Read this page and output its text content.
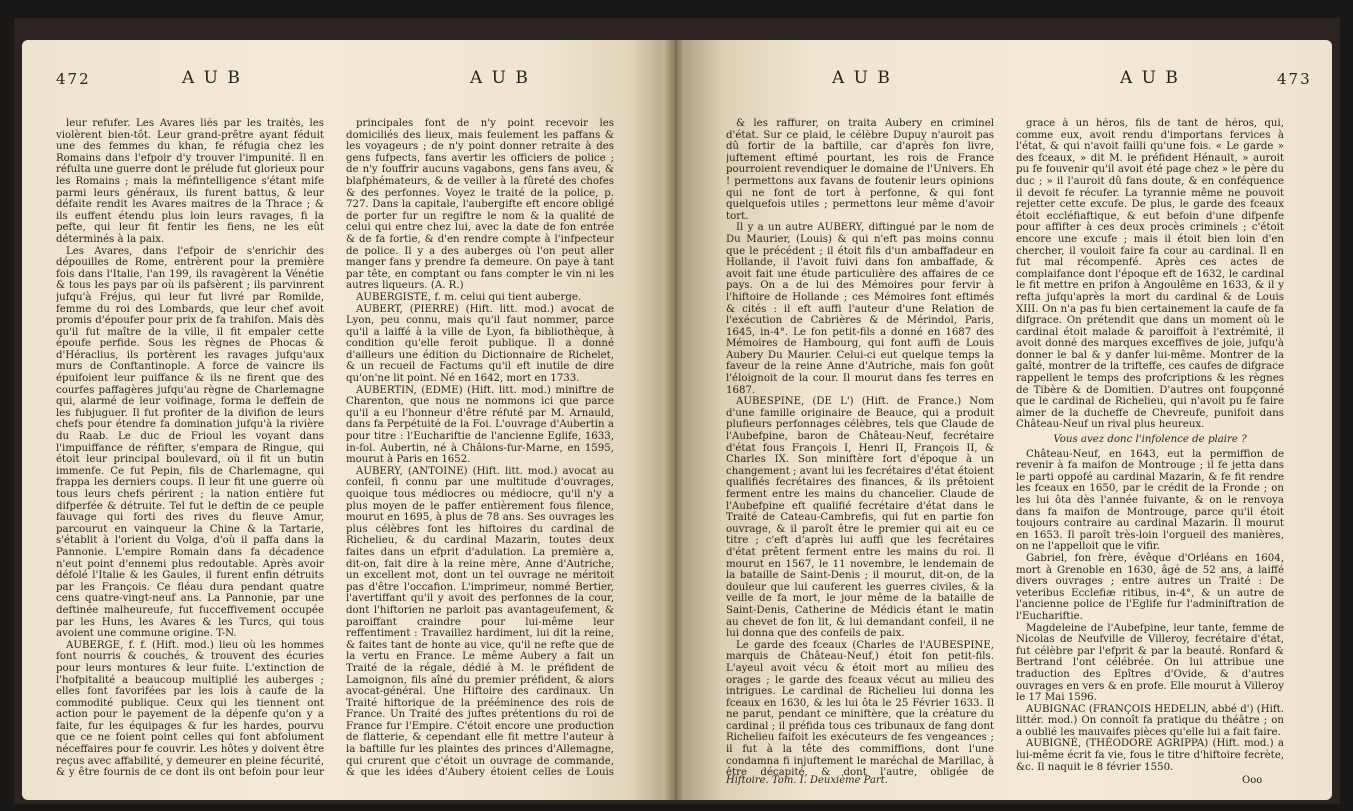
472	A U B	A U B

leur refufer. Les Avares liés par les traités, les violèrent bien-tôt. Leur grand-prêtre ayant féduit une des femmes du khan, fe réfugia chez les Romains dans l'efpoir d'y trouver l'impunité. Il en réfulta une guerre dont le prélude fut glorieux pour les Romains ; mais la méfintelligence s'étant mife parmi leurs généraux, ils furent battus, & leur défaite rendit les Avares maitres de la Thrace ; & ils euffent étendu plus loin leurs ravages, fi la pefte, qui leur fit fentir les fiens, ne les eût déterminés à la paix.

Les Avares, dans l'efpoir de s'enrichir des dépouilles de Rome, entrèrent pour la première fois dans l'Italie, l'an 199, ils ravagèrent la Vénétie & tous les pays par où ils pafsèrent ; ils parvinrent jufqu'à Fréjus, qui leur fut livré par Romilde, femme du roi des Lombards, que leur chef avoit promis d'époufer pour prix de fa trahifon. Mais dès qu'il fut maître de la ville, il fit empaler cette époufe perfide. Sous les règnes de Phocas & d'Héraclius, ils portèrent les ravages jufqu'aux murs de Conftantinople. A force de vaincre ils épuifoient leur puiffance & ils ne firent que des courfes paffagères jufqu'au règne de Charlemagne qui, alarmé de leur voifinage, forma le deffein de les fubjuguer. Il fut profiter de la divifion de leurs chefs pour étendre fa domination jufqu'à la rivière du Raab. Le duc de Frioul les voyant dans l'impuiffance de réfifter, s'empara de Ringue, qui étoit leur principal boulevard, où il fit un butin immenfe. Ce fut Pepin, fils de Charlemagne, qui frappa les derniers coups. Il leur fit une guerre où tous leurs chefs périrent ; la nation entière fut difperfée & détruite. Tel fut le deftin de ce peuple fauvage qui forti des rives du fleuve Amur, parcourut en vainqueur la Chine & la Tartarie, s'établit à l'orient du Volga, d'où il paffa dans la Pannonie. L'empire Romain dans fa décadence n'eut point d'ennemi plus redoutable. Après avoir défolé l'Italie & les Gaules, il furent enfin détruits par les François. Ce fléau dura pendant quatre cens quatre-vingt-neuf ans. La Pannonie, par une deftinée malheureufe, fut fucceffivement occupée par les Huns, les Avares & les Turcs, qui tous avoient une commune origine. T-N.

AUBERGE, f. f. (Hift. mod.) lieu où les hommes font nourris & couchés, & trouvent des écuries pour leurs montures & leur fuite. L'extinction de l'hofpitalité a beaucoup multiplié les auberges ; elles font favorifées par les lois à caufe de la commodité publique. Ceux qui les tiennent ont action pour le payement de la dépenfe qu'on y a faite, fur les équipages & fur les hardes, pourvu que ce ne foient point celles qui font abfolument néceffaires pour fe couvrir. Les hôtes y doivent être reçus avec affabilité, y demeurer en pleine fécurité, & y être fournis de ce dont ils ont befoin pour leur

principales font de n'y point recevoir les domiciliés des lieux, mais feulement les paffans & les voyageurs ; de n'y point donner retraite à des gens fufpects, fans avertir les officiers de police ; de n'y fouffrir aucuns vagabons, gens fans aveu, & blafphémateurs, & de veiller à la fûreté des chofes & des perfonnes. Voyez le traité de la police, p. 727. Dans la capitale, l'aubergifte eft encore obligé de porter fur un regiftre le nom & la qualité de celui qui entre chez lui, avec la date de fon entrée & de fa fortie, & d'en rendre compte à l'infpecteur de police. Il y a des auberges où l'on peut aller manger fans y prendre fa demeure. On paye à tant par tête, en comptant ou fans compter le vin ni les autres liqueurs. (A. R.)

AUBERGISTE, f. m. celui qui tient auberge.

AUBERT, (PIERRE) (Hift. litt. mod.) avocat de Lyon, peu connu, mais qu'il faut nommer, parce qu'il a laiffé à la ville de Lyon, fa bibliothèque, à condition qu'elle feroit publique. Il a donné d'ailleurs une édition du Dictionnaire de Richelet, & un recueil de Factums qu'il eft inutile de dire qu'on'ne lit point. Né en 1642, mort en 1733.

AUBERTIN, (EDME) (Hift. litt. mod.) miniftre de Charenton, que nous ne nommons ici que parce qu'il a eu l'honneur d'être réfuté par M. Arnauld, dans fa Perpétuité de la Foi. L'ouvrage d'Aubertin a pour titre : l'Euchariftie de l'ancienne Eglife, 1633, in-fol. Aubertin, né à Châlons-fur-Marne, en 1595, mourut à Paris en 1652.

AUBERY, (ANTOINE) (Hift. litt. mod.) avocat au confeil, fi connu par une multitude d'ouvrages, quoique tous médiocres ou médiocre, qu'il n'y a plus moyen de le paffer entièrement fous filence, mourut en 1695, à plus de 78 ans. Ses ouvrages les plus célèbres font les hiftoires du cardinal de Richelieu, & du cardinal Mazarin, toutes deux faites dans un efprit d'adulation. La première a, dit-on, fait dire à la reine mère, Anne d'Autriche, un excellent mot, dont un tel ouvrage ne méritoit pas d'être l'occafion. L'imprimeur, nommé Bertier, l'avertiffant qu'il y avoit des perfonnes de la cour, dont l'hiftorien ne parloit pas avantageufement, & paroiffant craindre pour lui-même leur reffentiment : Travaillez hardiment, lui dit la reine, & faites tant de honte au vice, qu'il ne refte que de la vertu en France. Le même Aubery a fait un Traité de la régale, dédié à M. le préfident de Lamoignon, fils aîné du premier préfident, & alors avocat-général. Une Hiftoire des cardinaux. Un Traité hiftorique de la prééminence des rois de France. Un Traité des juftes prétentions du roi de France fur l'Empire. C'étoit encore une production de flatterie, & cependant elle fit mettre l'auteur à la baftille fur les plaintes des princes d'Allemagne, qui crurent que c'étoit un ouvrage de commande, & que les idées d'Aubery étoient celles de Louis

A U B	A U B	473

& les raffurer, on traita Aubery en criminel d'état. Sur ce plaid, le célèbre Dupuy n'auroit pas dû fortir de la baftille, car d'après fon livre, juftement eftimé pourtant, les rois de France pourroient revendiquer le domaine de l'Univers. Eh ! permettons aux favans de foutenir leurs opinions qui ne font de tort à perfonne, & qui font quelquefois utiles ; permettons leur même d'avoir tort.

Il y a un autre AUBERY, diftingué par le nom de Du Maurier, (Louis) & qui n'eft pas moins connu que le précédent ; il étoit fils d'un ambaffadeur en Hollande, il l'avoit fuivi dans fon ambaffade, & avoit fait une étude particulière des affaires de ce pays. On a de lui des Mémoires pour fervir à l'hiftoire de Hollande ; ces Mémoires font eftimés & cités : il eft auffi l'auteur d'une Relation de l'exécution de Cabrières & de Mérindol, Paris, 1645, in-4°. Le fon petit-fils a donné en 1687 des Mémoires de Hambourg, qui font auffi de Louis Aubery Du Maurier. Celui-ci eut quelque temps la faveur de la reine Anne d'Autriche, mais fon goût l'éloignoit de la cour. Il mourut dans fes terres en 1687.

AUBESPINE, (DE L') (Hift. de France.) Nom d'une famille originaire de Beauce, qui a produit plufieurs perfonnages célèbres, tels que Claude de l'Aubefpine, baron de Château-Neuf, fecrétaire d'état fous François I, Henri II, François II, & Charles IX. Son miniftère fort d'époque à un changement ; avant lui les fecrétaires d'état étoient qualifiés fecrétaires des finances, & ils prêtoient ferment entre les mains du chancelier. Claude de l'Aubefpine eft qualifié fecrétaire d'état dans le Traité de Cateau-Cambrefis, qui fut en partie fon ouvrage, & il paroît être le premier qui ait eu ce titre ; c'eft d'après lui auffi que les fecrétaires d'état prêtent ferment entre les mains du roi. Il mourut en 1567, le 11 novembre, le lendemain de la bataille de Saint-Denis ; il mourut, dit-on, de la douleur que lui cauferent les guerres civiles, & la veille de fa mort, le jour même de la bataille de Saint-Denis, Catherine de Médicis étant le matin au chevet de fon lit, & lui demandant confeil, il ne lui donna que des confeils de paix.

Le garde des fceaux (Charles de l'AUBESPINE, marquis de Château-Neuf,) étoit fon petit-fils. L'ayeul avoit vécu & étoit mort au milieu des orages ; le garde des fceaux vécut au milieu des intrigues. Le cardinal de Richelieu lui donna les fceaux en 1630, & les lui ôta le 25 Février 1633. Il ne parut, pendant ce miniftère, que la créature du cardinal ; il préfida tous ces tribunaux de fang dont Richelieu faifoit les exécuteurs de fes vengeances ; il fut à la tête des commiffions, dont l'une condamna fi injuftement le maréchal de Marillac, à être décapité, & dont l'autre, obligée de

grace à un héros, fils de tant de héros, qui, comme eux, avoit rendu d'importans fervices à l'état, & qui n'avoit failli qu'une fois. « Le garde » des fceaux, » dit M. le préfident Hénault, » auroit pu fe fouvenir qu'il avoit été page chez » le père du duc ; » il l'auroit dû fans doute, & en conféquence il devoit fe récufer. La tyrannie même ne pouvoit rejetter cette excufe. De plus, le garde des fceaux étoit eccléfiaftique, & eut befoin d'une difpenfe pour affifter à ces deux procès criminels ; c'étoit encore une excufe ; mais il étoit bien loin d'en chercher, il vouloit faire fa cour au cardinal. Il en fut mal récompenfé. Après ces actes de complaifance dont l'époque eft de 1632, le cardinal le fit mettre en prifon à Angoulême en 1633, & il y refta jufqu'après la mort du cardinal & de Louis XIII. On n'a pas fu bien certainement la caufe de fa difgrace. On prétendit que dans un moment où le cardinal étoit malade & paroiffoit à l'extrémité, il avoit donné des marques exceffives de joie, jufqu'à donner le bal & y danfer lui-même. Montrer de la gaîté, montrer de la trifteffe, ces caufes de difgrace rappellent le temps des profcriptions & les règnes de Tibère & de Domitien. D'autres ont foupçonné que le cardinal de Richelieu, qui n'avoit pu fe faire aimer de la ducheffe de Chevreufe, punifoit dans Château-Neuf un rival plus heureux.

Vous avez donc l'infolence de plaire ?

Château-Neuf, en 1643, eut la permiffion de revenir à fa maifon de Montrouge ; il fe jetta dans le parti oppofé au cardinal Mazarin, & fe fit rendre les fceaux en 1650, par le crédit de la Fronde ; on les lui ôta dès l'année fuivante, & on le renvoya dans fa maifon de Montrouge, parce qu'il étoit toujours contraire au cardinal Mazarin. Il mourut en 1653. Il paroît très-loin l'orgueil des manières, on ne l'appelloit que le vifir.

Gabriel, fon frère, évêque d'Orléans en 1604, mort à Grenoble en 1630, âgé de 52 ans, a laiffé divers ouvrages ; entre autres un Traité : De veteribus Ecclefiæ ritibus, in-4°, & un autre de l'ancienne police de l'Eglife fur l'adminiftration de l'Euchariftie.

Magdeleine de l'Aubefpine, leur tante, femme de Nicolas de Neufville de Villeroy, fecrétaire d'état, fut célèbre par l'efprit & par la beauté. Ronfard & Bertrand l'ont célébrée. On lui attribue une traduction des Epîtres d'Ovide, & d'autres ouvrages en vers & en profe. Elle mourut à Villeroy le 17 Mai 1596.

AUBIGNAC (FRANÇOIS HEDELIN, abbé d') (Hift. littér. mod.) On connoît fa pratique du théâtre ; on a oublié les mauvaifes pièces qu'elle lui a fait faire.

AUBIGNÉ, (THÉODORE AGRIPPA) (Hift. mod.) a lui-même écrit fa vie, fous le titre d'hiftoire fecrète, &c. Il naquit le 8 février 1550.

Hiftoire. Tom. I. Deuxième Part.	Ooo
